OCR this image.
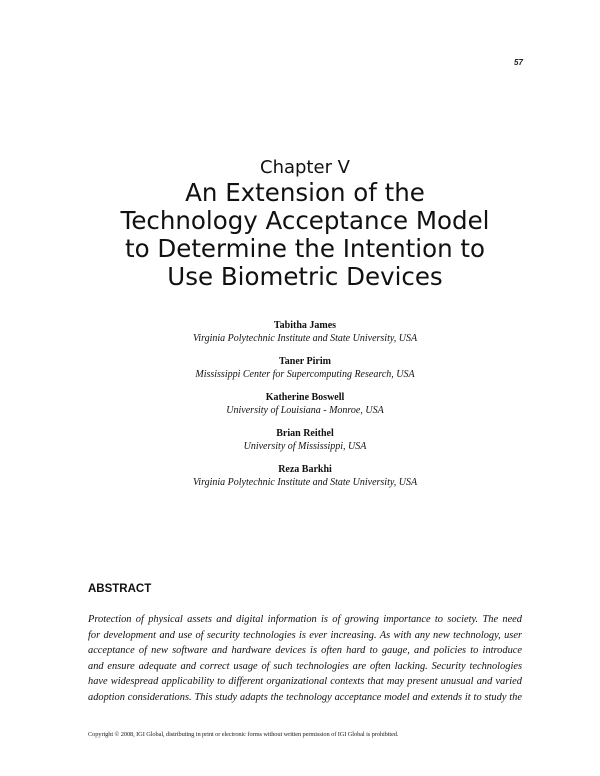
57
Chapter V
An Extension of the
Technology Acceptance Model
to Determine the Intention to
Use Biometric Devices
Tabitha James
Virginia Polytechnic Institute and State University, USA
Taner Pirim
Mississippi Center for Supercomputing Research, USA
Katherine Boswell
University of Louisiana - Monroe, USA
Brian Reithel
University of Mississippi, USA
Reza Barkhi
Virginia Polytechnic Institute and State University, USA
ABSTRACT

Protection of physical assets and digital information is of growing importance to society. The need
for development and use of security technologies is ever increasing. As with any new technology, user
acceptance of new software and hardware devices is often hard to gauge, and policies to introduce
and ensure adequate and correct usage of such technologies are often lacking. Security technologies
have widespread applicability to different organizational contexts that may present unusual and varied
adoption considerations. This study adapts the technology acceptance model and extends it to study the

Copyright © 2008, IGI Global, distributing in print or electronic forms without written permission of IGI Global is prohibited.
